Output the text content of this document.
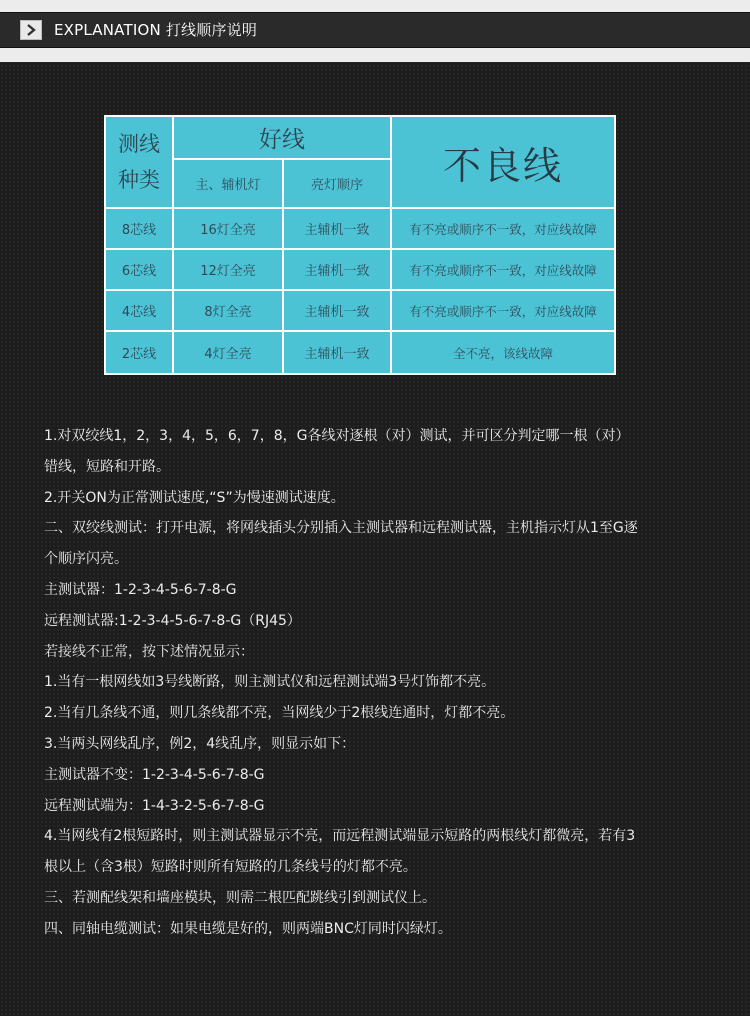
EXPLANATION 打线顺序说明
测线
种类	好线		不良线
	主、辅机灯	亮灯顺序	
8芯线	16灯全亮	主辅机一致	有不亮或顺序不一致，对应线故障
6芯线	12灯全亮	主辅机一致	有不亮或顺序不一致，对应线故障
4芯线	8灯全亮	主辅机一致	有不亮或顺序不一致，对应线故障
2芯线	4灯全亮	主辅机一致	全不亮，该线故障

1.对双绞线1，2，3，4，5，6，7，8，G各线对逐根（对）测试，并可区分判定哪一根（对）

错线，短路和开路。

2.开关ON为正常测试速度,“S”为慢速测试速度。

二、双绞线测试：打开电源，将网线插头分别插入主测试器和远程测试器，主机指示灯从1至G逐

个顺序闪亮。

主测试器：1-2-3-4-5-6-7-8-G

远程测试器:1-2-3-4-5-6-7-8-G（RJ45）

若接线不正常，按下述情况显示：

1.当有一根网线如3号线断路，则主测试仪和远程测试端3号灯饰都不亮。

2.当有几条线不通，则几条线都不亮，当网线少于2根线连通时，灯都不亮。

3.当两头网线乱序，例2，4线乱序，则显示如下：

主测试器不变：1-2-3-4-5-6-7-8-G

远程测试端为：1-4-3-2-5-6-7-8-G

4.当网线有2根短路时，则主测试器显示不亮，而远程测试端显示短路的两根线灯都微亮，若有3

根以上（含3根）短路时则所有短路的几条线号的灯都不亮。

三、若测配线架和墙座模块，则需二根匹配跳线引到测试仪上。

四、同轴电缆测试：如果电缆是好的，则两端BNC灯同时闪绿灯。
